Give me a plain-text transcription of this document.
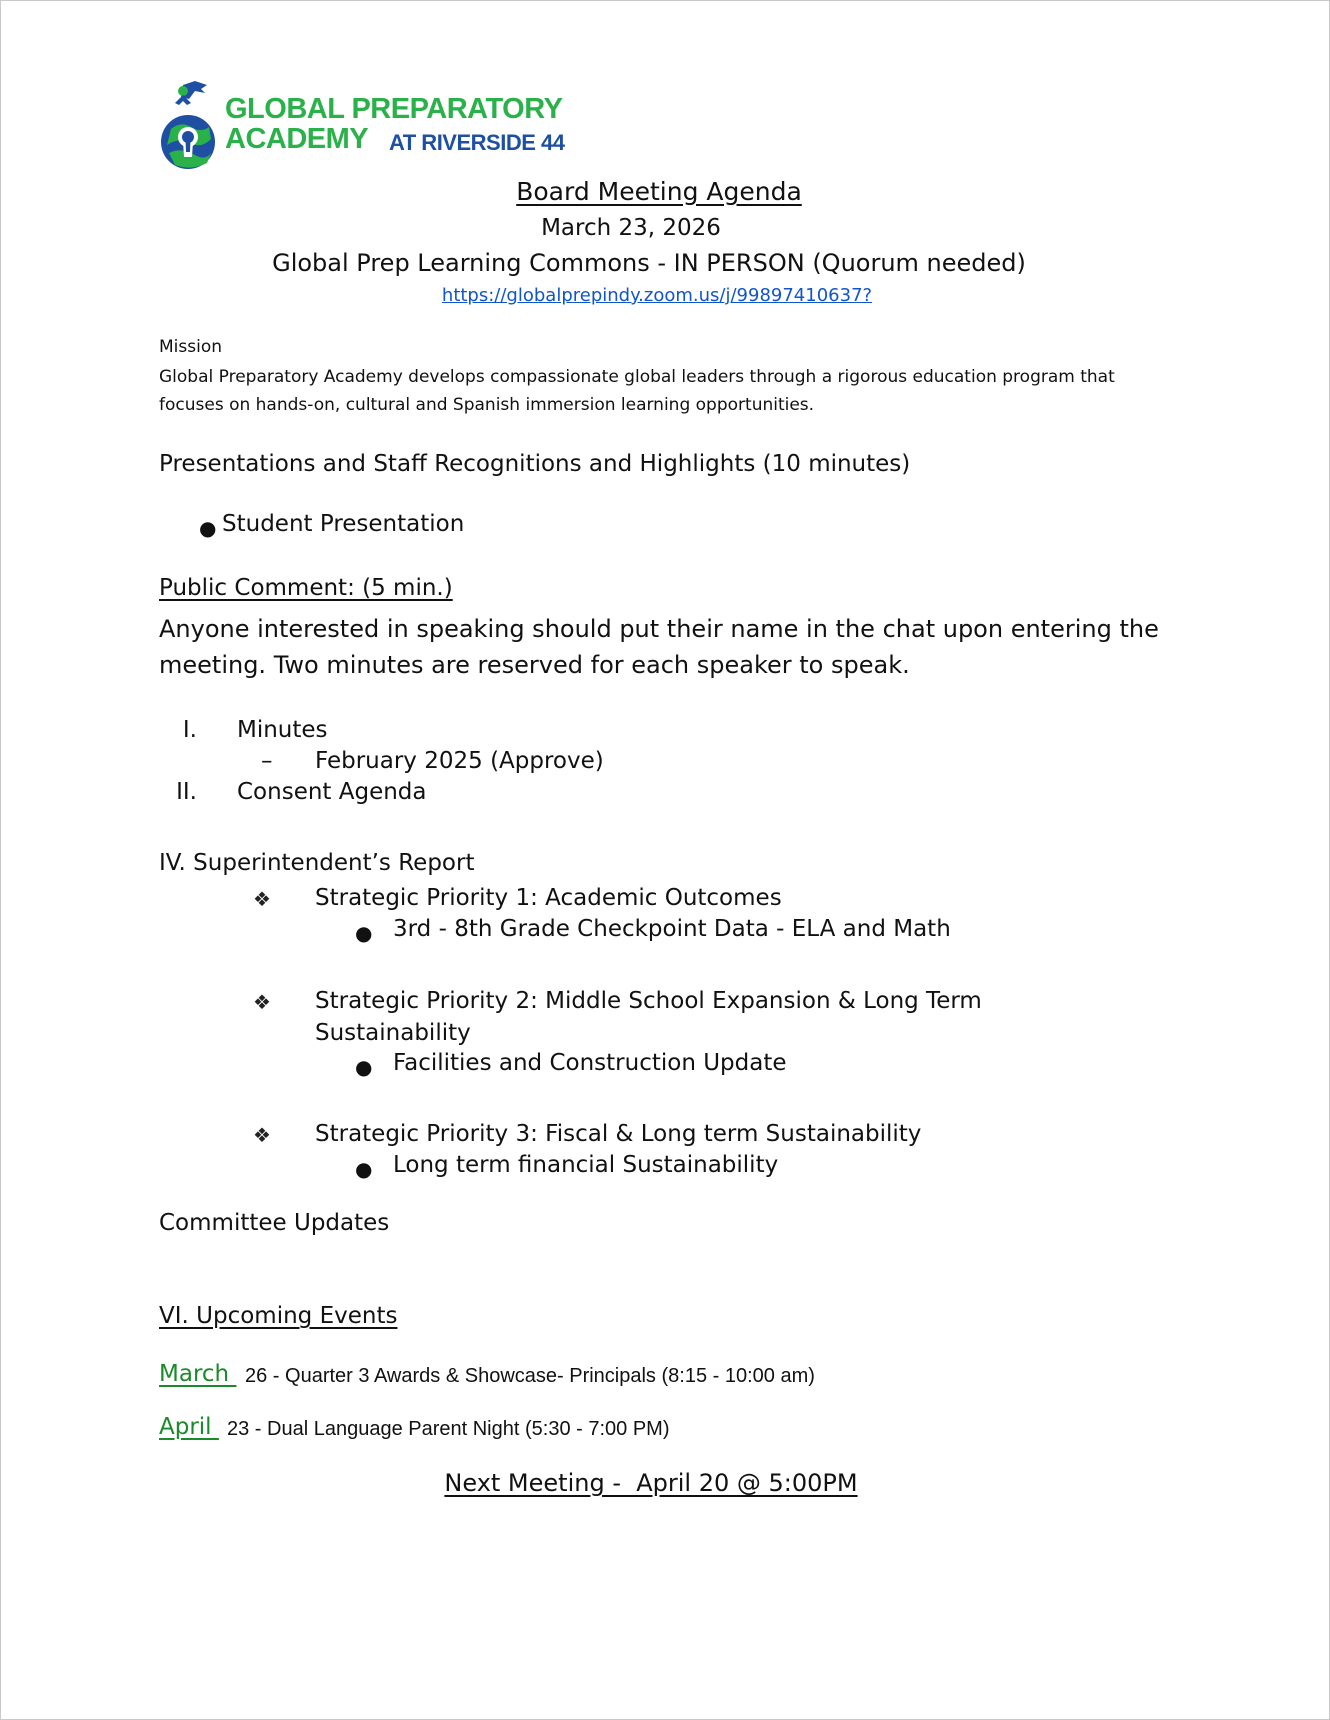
GLOBAL PREPARATORY
ACADEMY AT RIVERSIDE 44
Board Meeting Agenda
March 23, 2026
Global Prep Learning Commons - IN PERSON (Quorum needed)
https://globalprepindy.zoom.us/j/99897410637?
Mission
Global Preparatory Academy develops compassionate global leaders through a rigorous education program that focuses on hands-on, cultural and Spanish immersion learning opportunities.
Presentations and Staff Recognitions and Highlights (10 minutes)
● Student Presentation
Public Comment: (5 min.)
Anyone interested in speaking should put their name in the chat upon entering the meeting. Two minutes are reserved for each speaker to speak.
I. Minutes
– February 2025 (Approve)
II. Consent Agenda
IV. Superintendent’s Report
❖ Strategic Priority 1: Academic Outcomes
● 3rd - 8th Grade Checkpoint Data - ELA and Math
❖ Strategic Priority 2: Middle School Expansion & Long Term
Sustainability
● Facilities and Construction Update
❖ Strategic Priority 3: Fiscal & Long term Sustainability
● Long term financial Sustainability
Committee Updates
VI. Upcoming Events
March 26 - Quarter 3 Awards & Showcase- Principals (8:15 - 10:00 am)
April 23 - Dual Language Parent Night (5:30 - 7:00 PM)
Next Meeting -  April 20 @ 5:00PM
